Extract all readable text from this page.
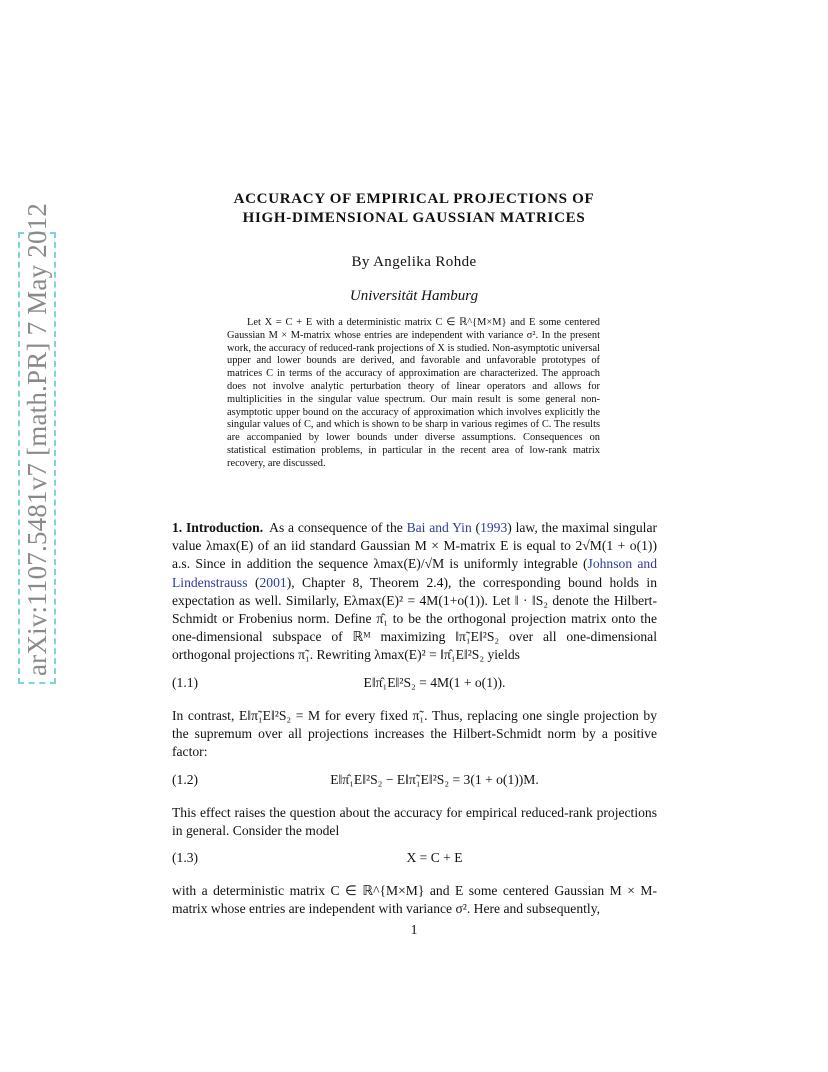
arXiv:1107.5481v7 [math.PR] 7 May 2012
ACCURACY OF EMPIRICAL PROJECTIONS OF
HIGH-DIMENSIONAL GAUSSIAN MATRICES
By Angelika Rohde
Universität Hamburg

Let X = C + E with a deterministic matrix C ∈ ℝ^{M×M} and E some centered Gaussian M × M-matrix whose entries are independent with variance σ². In the present work, the accuracy of reduced-rank projections of X is studied. Non-asymptotic universal upper and lower bounds are derived, and favorable and unfavorable prototypes of matrices C in terms of the accuracy of approximation are characterized. The approach does not involve analytic perturbation theory of linear operators and allows for multiplicities in the singular value spectrum. Our main result is some general non-asymptotic upper bound on the accuracy of approximation which involves explicitly the singular values of C, and which is shown to be sharp in various regimes of C. The results are accompanied by lower bounds under diverse assumptions. Consequences on statistical estimation problems, in particular in the recent area of low-rank matrix recovery, are discussed.

1. Introduction. As a consequence of the Bai and Yin (1993) law, the maximal singular value λmax(E) of an iid standard Gaussian M × M-matrix E is equal to 2√M(1 + o(1)) a.s. Since in addition the sequence λmax(E)/√M is uniformly integrable (Johnson and Lindenstrauss (2001), Chapter 8, Theorem 2.4), the corresponding bound holds in expectation as well. Similarly, Eλmax(E)² = 4M(1+o(1)). Let ‖ · ‖S₂ denote the Hilbert-Schmidt or Frobenius norm. Define π̂₁ to be the orthogonal projection matrix onto the one-dimensional subspace of ℝᴹ maximizing ‖π̃₁E‖²S₂ over all one-dimensional orthogonal projections π̃₁. Rewriting λmax(E)² = ‖π̂₁E‖²S₂ yields

(1.1)	E‖π̂₁E‖²S₂ = 4M(1 + o(1)).

In contrast, E‖π̃₁E‖²S₂ = M for every fixed π̃₁. Thus, replacing one single projection by the supremum over all projections increases the Hilbert-Schmidt norm by a positive factor:

(1.2)	E‖π̂₁E‖²S₂ − E‖π̃₁E‖²S₂ = 3(1 + o(1))M.

This effect raises the question about the accuracy for empirical reduced-rank projections in general. Consider the model

(1.3)	X = C + E

with a deterministic matrix C ∈ ℝ^{M×M} and E some centered Gaussian M × M-matrix whose entries are independent with variance σ². Here and subsequently,

1
